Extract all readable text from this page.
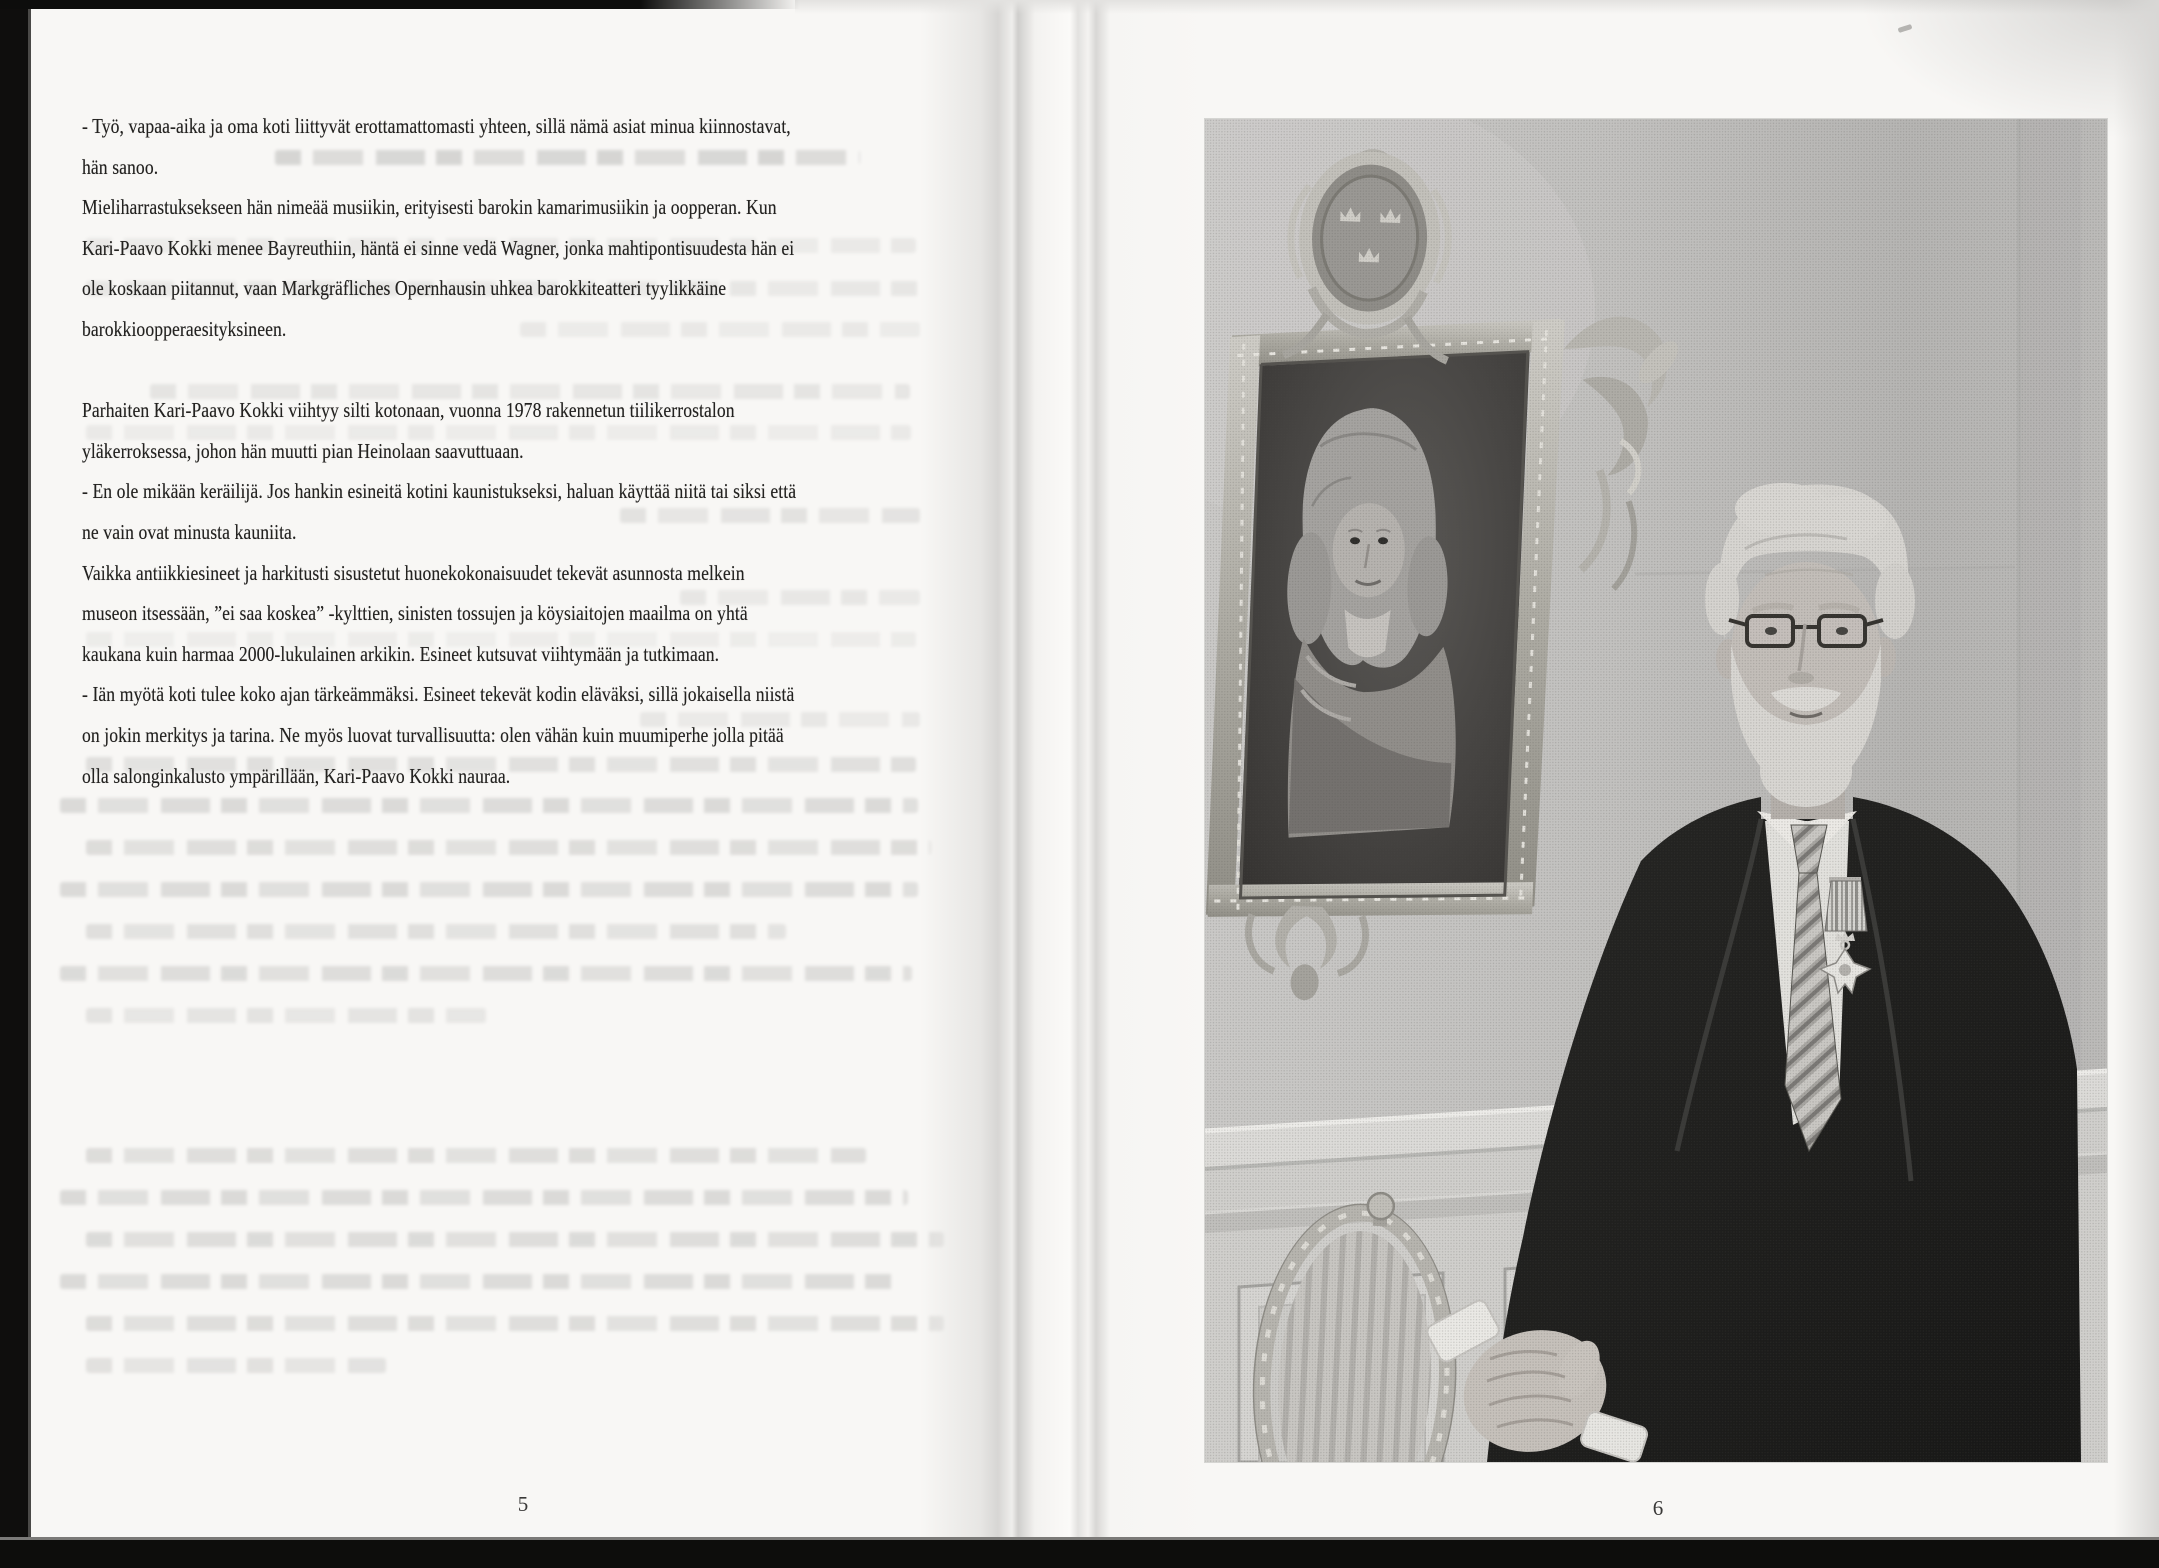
- Työ, vapaa-aika ja oma koti liittyvät erottamattomasti yhteen, sillä nämä asiat minua kiinnostavat,
hän sanoo.
Mieliharrastuksekseen hän nimeää musiikin, erityisesti barokin kamarimusiikin ja oopperan. Kun
Kari-Paavo Kokki menee Bayreuthiin, häntä ei sinne vedä Wagner, jonka mahtipontisuudesta hän ei
ole koskaan piitannut, vaan Markgräfliches Opernhausin uhkea barokkiteatteri tyylikkäine
barokkioopperaesityksineen.
Parhaiten Kari-Paavo Kokki viihtyy silti kotonaan, vuonna 1978 rakennetun tiilikerrostalon
yläkerroksessa, johon hän muutti pian Heinolaan saavuttuaan.
- En ole mikään keräilijä. Jos hankin esineitä kotini kaunistukseksi, haluan käyttää niitä tai siksi että
ne vain ovat minusta kauniita.
Vaikka antiikkiesineet ja harkitusti sisustetut huonekokonaisuudet tekevät asunnosta melkein
museon itsessään, ”ei saa koskea” -kylttien, sinisten tossujen ja köysiaitojen maailma on yhtä
kaukana kuin harmaa 2000-lukulainen arkikin. Esineet kutsuvat viihtymään ja tutkimaan.
- Iän myötä koti tulee koko ajan tärkeämmäksi. Esineet tekevät kodin eläväksi, sillä jokaisella niistä
on jokin merkitys ja tarina. Ne myös luovat turvallisuutta: olen vähän kuin muumiperhe jolla pitää
olla salonginkalusto ympärillään, Kari-Paavo Kokki nauraa.
5	6
